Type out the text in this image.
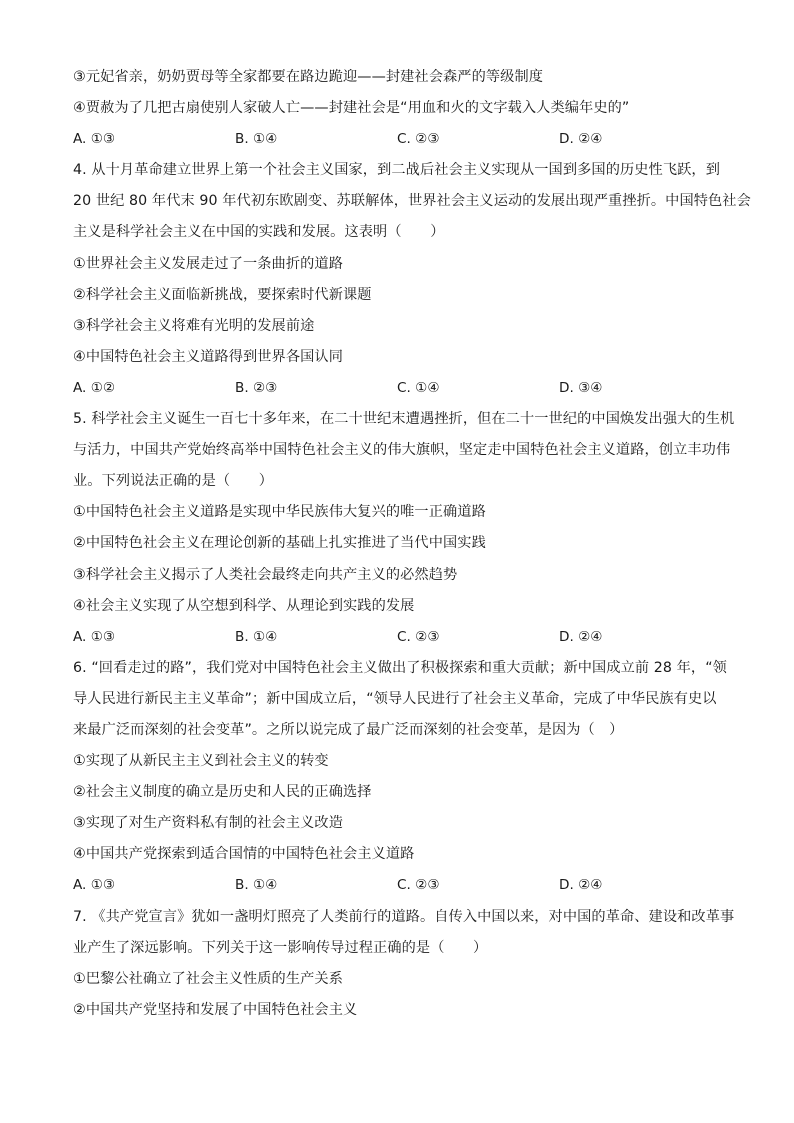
③元妃省亲，奶奶贾母等全家都要在路边跪迎——封建社会森严的等级制度
④贾赦为了几把古扇使别人家破人亡——封建社会是“用血和火的文字载入人类编年史的”
A. ①③	B. ①④	C. ②③	D. ②④
4. 从十月革命建立世界上第一个社会主义国家，到二战后社会主义实现从一国到多国的历史性飞跃，到
20 世纪 80 年代末 90 年代初东欧剧变、苏联解体，世界社会主义运动的发展出现严重挫折。中国特色社会
主义是科学社会主义在中国的实践和发展。这表明（　　）
①世界社会主义发展走过了一条曲折的道路
②科学社会主义面临新挑战，要探索时代新课题
③科学社会主义将难有光明的发展前途
④中国特色社会主义道路得到世界各国认同
A. ①②	B. ②③	C. ①④	D. ③④
5. 科学社会主义诞生一百七十多年来，在二十世纪末遭遇挫折，但在二十一世纪的中国焕发出强大的生机
与活力，中国共产党始终高举中国特色社会主义的伟大旗帜，坚定走中国特色社会主义道路，创立丰功伟
业。下列说法正确的是（　　）
①中国特色社会主义道路是实现中华民族伟大复兴的唯一正确道路
②中国特色社会主义在理论创新的基础上扎实推进了当代中国实践
③科学社会主义揭示了人类社会最终走向共产主义的必然趋势
④社会主义实现了从空想到科学、从理论到实践的发展
A. ①③	B. ①④	C. ②③	D. ②④
6. “回看走过的路”，我们党对中国特色社会主义做出了积极探索和重大贡献；新中国成立前 28 年，“领
导人民进行新民主主义革命”；新中国成立后，“领导人民进行了社会主义革命，完成了中华民族有史以
来最广泛而深刻的社会变革”。之所以说完成了最广泛而深刻的社会变革，是因为（　）
①实现了从新民主主义到社会主义的转变
②社会主义制度的确立是历史和人民的正确选择
③实现了对生产资料私有制的社会主义改造
④中国共产党探索到适合国情的中国特色社会主义道路
A. ①③	B. ①④	C. ②③	D. ②④
7. 《共产党宣言》犹如一盏明灯照亮了人类前行的道路。自传入中国以来，对中国的革命、建设和改革事
业产生了深远影响。下列关于这一影响传导过程正确的是（　　）
①巴黎公社确立了社会主义性质的生产关系
②中国共产党坚持和发展了中国特色社会主义
